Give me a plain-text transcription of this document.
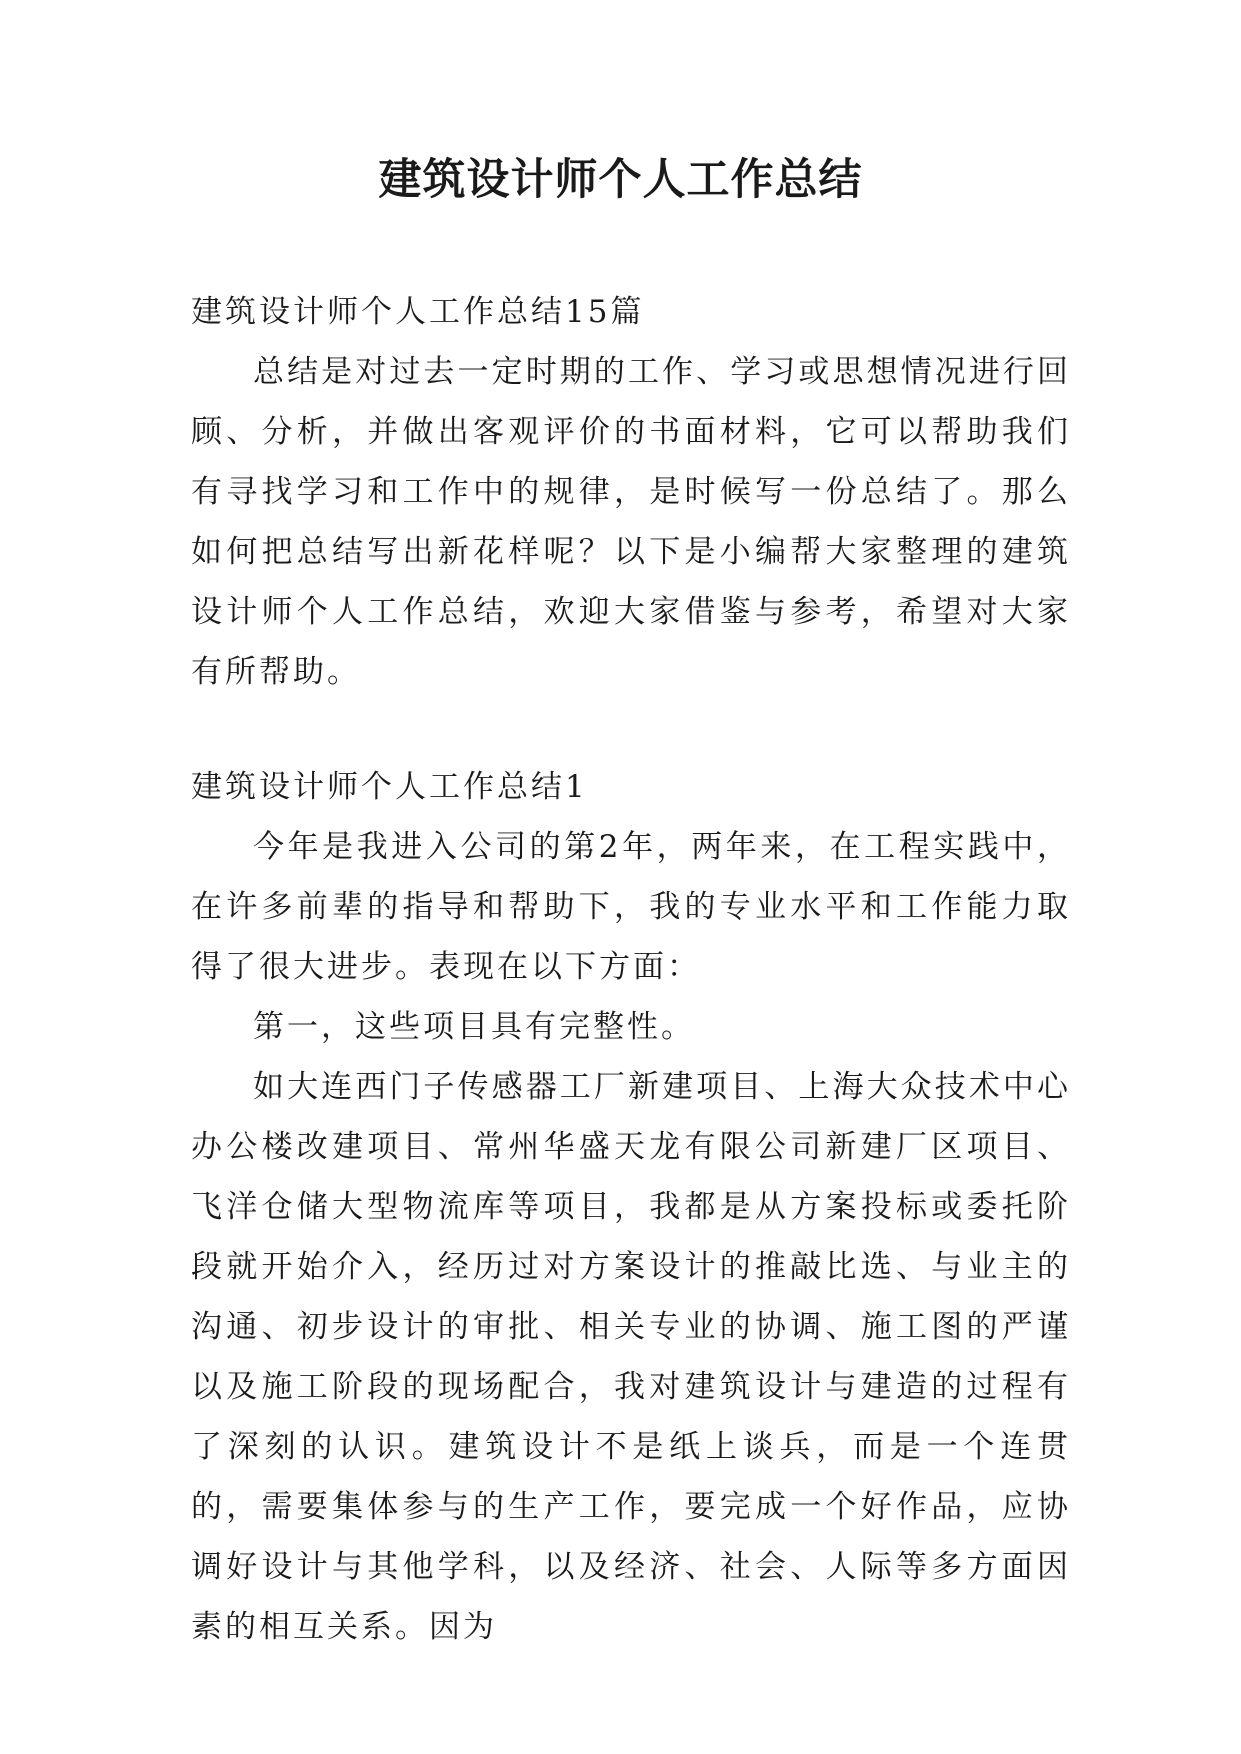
建筑设计师个人工作总结

建筑设计师个人工作总结15篇

总结是对过去一定时期的工作、学习或思想情况进行回顾、分析，并做出客观评价的书面材料，它可以帮助我们有寻找学习和工作中的规律，是时候写一份总结了。那么如何把总结写出新花样呢？以下是小编帮大家整理的建筑设计师个人工作总结，欢迎大家借鉴与参考，希望对大家有所帮助。

建筑设计师个人工作总结1

今年是我进入公司的第2年，两年来，在工程实践中，在许多前辈的指导和帮助下，我的专业水平和工作能力取得了很大进步。表现在以下方面：

第一，这些项目具有完整性。

如大连西门子传感器工厂新建项目、上海大众技术中心办公楼改建项目、常州华盛天龙有限公司新建厂区项目、飞洋仓储大型物流库等项目，我都是从方案投标或委托阶段就开始介入，经历过对方案设计的推敲比选、与业主的沟通、初步设计的审批、相关专业的协调、施工图的严谨以及施工阶段的现场配合，我对建筑设计与建造的过程有了深刻的认识。建筑设计不是纸上谈兵，而是一个连贯的，需要集体参与的生产工作，要完成一个好作品，应协调好设计与其他学科，以及经济、社会、人际等多方面因素的相互关系。因为
